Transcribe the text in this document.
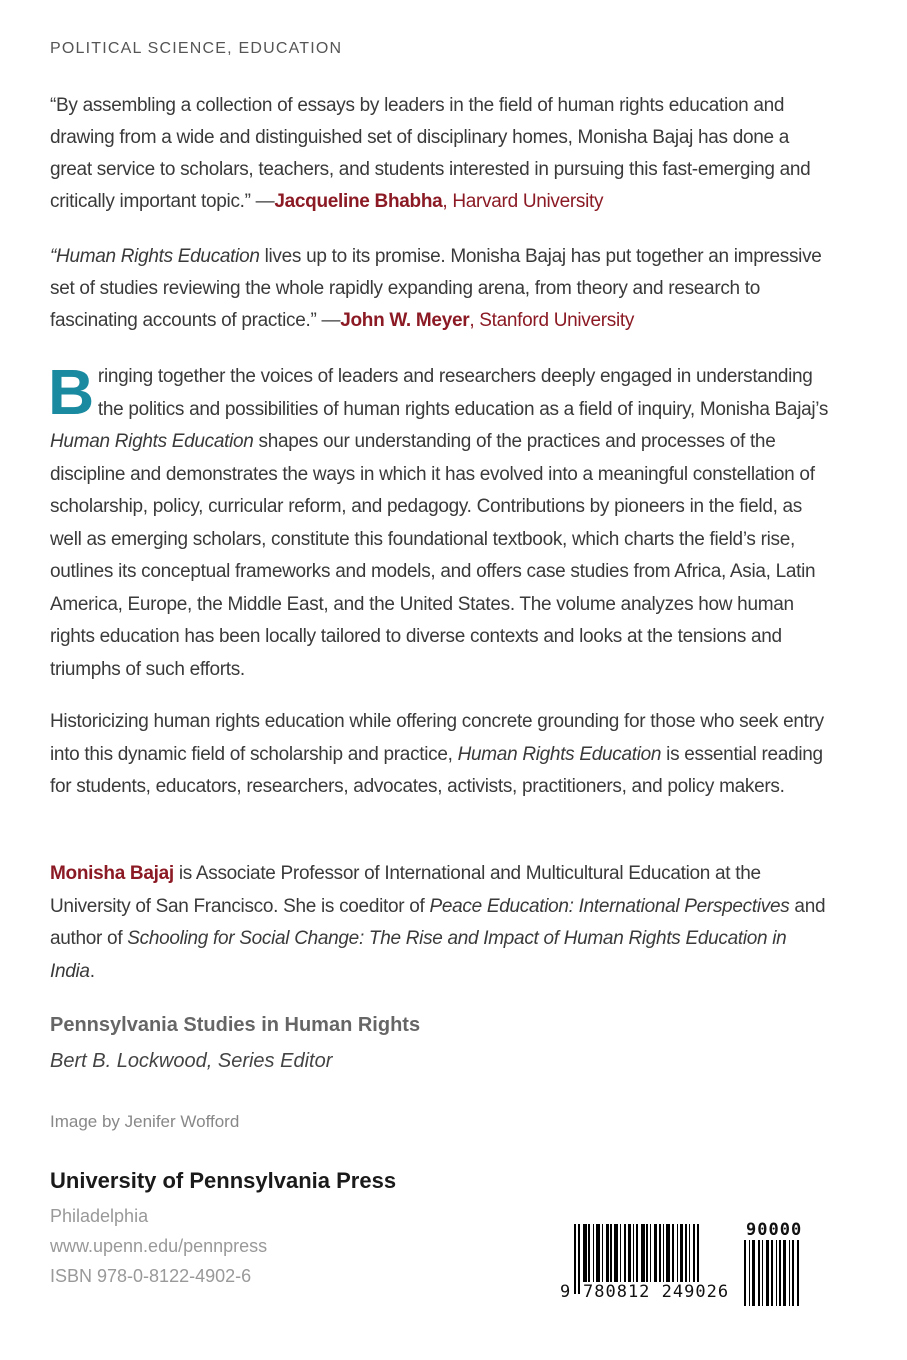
POLITICAL SCIENCE, EDUCATION
“By assembling a collection of essays by leaders in the field of human rights education and drawing from a wide and distinguished set of disciplinary homes, Monisha Bajaj has done a great service to scholars, teachers, and students interested in pursuing this fast-emerging and critically important topic.” —Jacqueline Bhabha, Harvard University
“Human Rights Education lives up to its promise. Monisha Bajaj has put together an impressive set of studies reviewing the whole rapidly expanding arena, from theory and research to fascinating accounts of practice.” —John W. Meyer, Stanford University
Bringing together the voices of leaders and researchers deeply engaged in understanding the politics and possibilities of human rights education as a field of inquiry, Monisha Bajaj’s Human Rights Education shapes our understanding of the practices and processes of the discipline and demonstrates the ways in which it has evolved into a meaningful constellation of scholarship, policy, curricular reform, and pedagogy. Contributions by pioneers in the field, as well as emerging scholars, constitute this foundational textbook, which charts the field’s rise, outlines its conceptual frameworks and models, and offers case studies from Africa, Asia, Latin America, Europe, the Middle East, and the United States. The volume analyzes how human rights education has been locally tailored to diverse contexts and looks at the tensions and triumphs of such efforts.
Historicizing human rights education while offering concrete grounding for those who seek entry into this dynamic field of scholarship and practice, Human Rights Education is essential reading for students, educators, researchers, advocates, activists, practitioners, and policy makers.
Monisha Bajaj is Associate Professor of International and Multicultural Education at the University of San Francisco. She is coeditor of Peace Education: International Perspectives and author of Schooling for Social Change: The Rise and Impact of Human Rights Education in India.
Pennsylvania Studies in Human Rights
Bert B. Lockwood, Series Editor
Image by Jenifer Wofford
University of Pennsylvania Press
Philadelphia
www.upenn.edu/pennpress
ISBN 978-0-8122-4902-6
9 780812 249026
90000
